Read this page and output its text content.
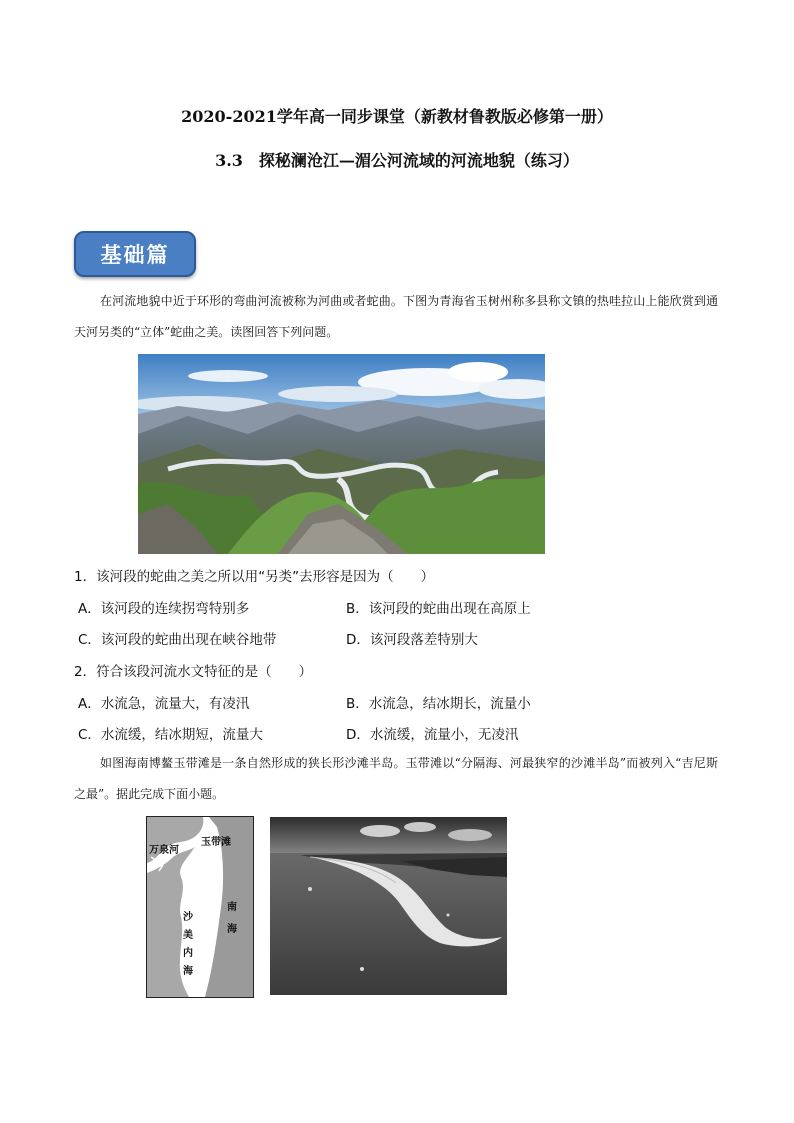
2020-2021学年高一同步课堂（新教材鲁教版必修第一册）
3.3　探秘澜沧江—湄公河流域的河流地貌（练习）
基础篇
在河流地貌中近于环形的弯曲河流被称为河曲或者蛇曲。下图为青海省玉树州称多县称文镇的热哇拉山上能欣赏到通天河另类的“立体”蛇曲之美。读图回答下列问题。
1．该河段的蛇曲之美之所以用“另类”去形容是因为（　　）
A．该河段的连续拐弯特别多	B．该河段的蛇曲出现在高原上
C．该河段的蛇曲出现在峡谷地带	D．该河段落差特别大
2．符合该段河流水文特征的是（　　）
A．水流急，流量大，有凌汛	B．水流急，结冰期长，流量小
C．水流缓，结冰期短，流量大	D．水流缓，流量小，无凌汛
如图海南博鳌玉带滩是一条自然形成的狭长形沙滩半岛。玉带滩以“分隔海、河最狭窄的沙滩半岛”而被列入“吉尼斯之最”。据此完成下面小题。
玉带滩
万泉河
南海
沙美内海
